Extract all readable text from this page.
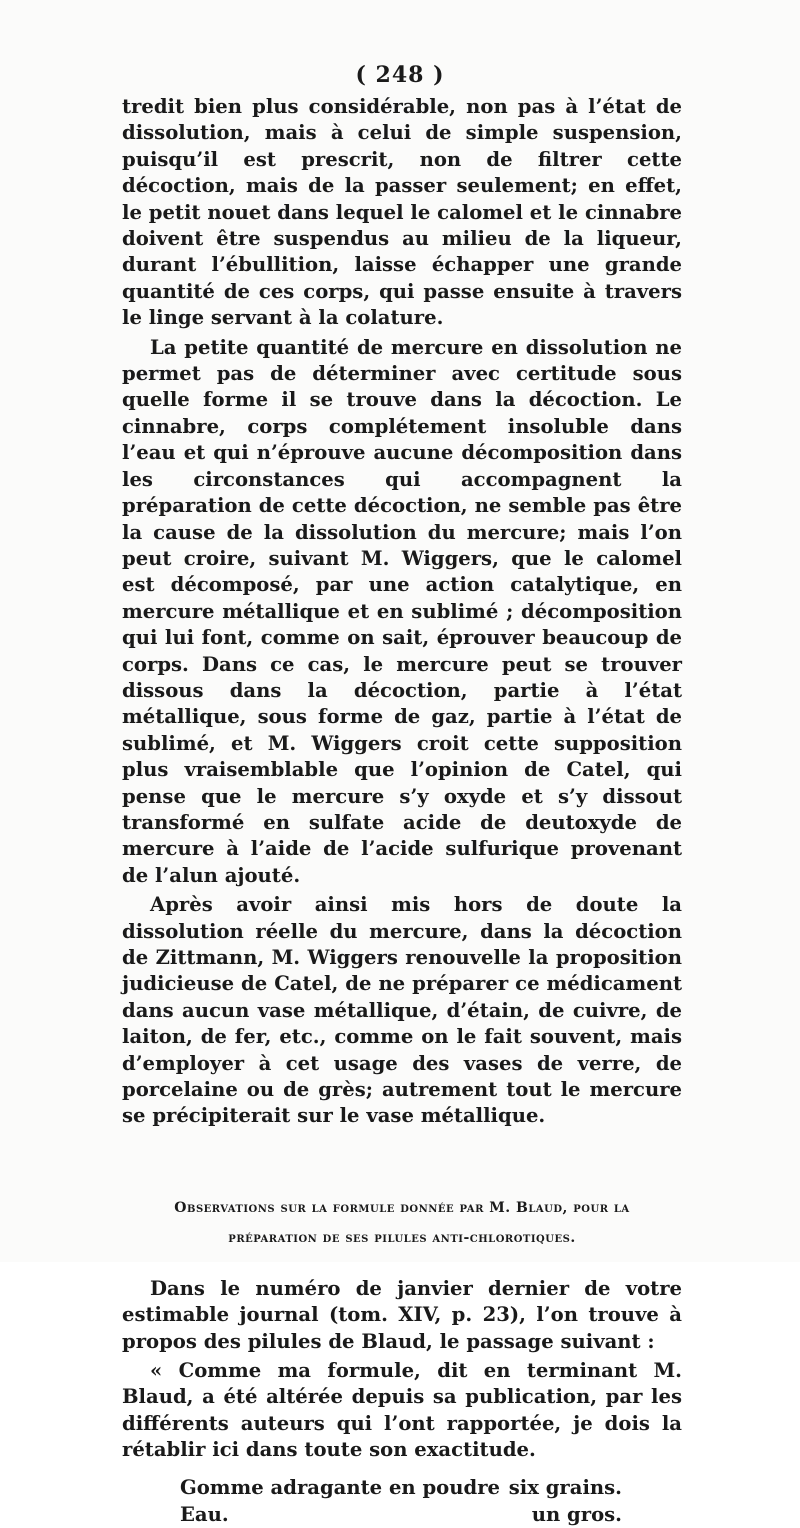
( 248 )

tredit bien plus considérable, non pas à l’état de dissolution, mais à celui de simple suspension, puisqu’il est prescrit, non de filtrer cette décoction, mais de la passer seulement; en effet, le petit nouet dans lequel le calomel et le cinnabre doivent être suspendus au milieu de la liqueur, durant l’ébullition, laisse échapper une grande quantité de ces corps, qui passe ensuite à travers le linge servant à la colature.

La petite quantité de mercure en dissolution ne permet pas de déterminer avec certitude sous quelle forme il se trouve dans la décoction. Le cinnabre, corps complétement insoluble dans l’eau et qui n’éprouve aucune décomposition dans les circonstances qui accompagnent la préparation de cette décoction, ne semble pas être la cause de la dissolution du mercure; mais l’on peut croire, suivant M. Wiggers, que le calomel est décomposé, par une action catalytique, en mercure métallique et en sublimé ; décomposition qui lui font, comme on sait, éprouver beaucoup de corps. Dans ce cas, le mercure peut se trouver dissous dans la décoction, partie à l’état métallique, sous forme de gaz, partie à l’état de sublimé, et M. Wiggers croit cette supposition plus vraisemblable que l’opinion de Catel, qui pense que le mercure s’y oxyde et s’y dissout transformé en sulfate acide de deutoxyde de mercure à l’aide de l’acide sulfurique provenant de l’alun ajouté.

Après avoir ainsi mis hors de doute la dissolution réelle du mercure, dans la décoction de Zittmann, M. Wiggers renouvelle la proposition judicieuse de Catel, de ne préparer ce médicament dans aucun vase métallique, d’étain, de cuivre, de laiton, de fer, etc., comme on le fait souvent, mais d’employer à cet usage des vases de verre, de porcelaine ou de grès; autrement tout le mercure se précipiterait sur le vase métallique.

Observations sur la formule donnée par M. Blaud, pour la
préparation de ses pilules anti-chlorotiques.

Dans le numéro de janvier dernier de votre estimable journal (tom. XIV, p. 23), l’on trouve à propos des pilules de Blaud, le passage suivant :

« Comme ma formule, dit en terminant M. Blaud, a été altérée depuis sa publication, par les différents auteurs qui l’ont rapportée, je dois la rétablir ici dans toute son exactitude.

Gomme adragante en poudre six grains.
Eau.	un gros.
